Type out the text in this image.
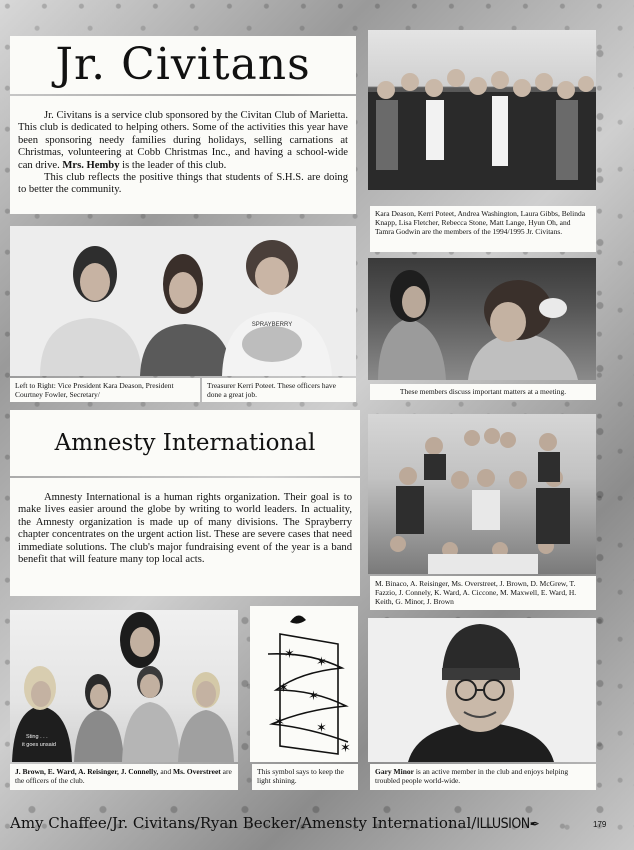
Jr. Civitans

Jr. Civitans is a service club sponsored by the Civitan Club of Marietta. This club is dedicated to helping others. Some of the activities this year have been sponsoring needy families during holidays, selling carnations at Christmas, volunteering at Cobb Christmas Inc., and having a school-wide can drive. Mrs. Hemby is the leader of this club.

This club reflects the positive things that students of S.H.S. are doing to better the community.

Kara Deason, Kerri Poteet, Andrea Washington, Laura Gibbs, Belinda Knapp, Lisa Fletcher, Rebecca Stone, Matt Lange, Hyun Oh, and Tamra Godwin are the members of the 1994/1995 Jr. Civitans.
SPRAYBERRY
Left to Right: Vice President Kara Deason, President Courtney Fowler, Secretary/
Treasurer Kerri Poteet. These officers have done a great job.	These members discuss important matters at a meeting.
Amnesty International

Amnesty International is a human rights organization. Their goal is to make lives easier around the globe by writing to world leaders. In actuality, the Amnesty organization is made up of many divisions. The Sprayberry chapter concentrates on the urgent action list. These are severe cases that need immediate solutions. The club's major fundraising event of the year is a band benefit that will feature many top local acts.

M. Binaco, A. Reisinger, Ms. Overstreet, J. Brown, D. McGrew, T. Fazzio, J. Connely, K. Ward, A. Ciccone, M. Maxwell, E. Ward, H. Keith, G. Minor, J. Brown
Sting . . .
it goes unsaid
J. Brown, E. Ward, A. Reisinger, J. Connelly, and Ms. Overstreet are the officers of the club.
✶
✶
✶
✶
✶ ✶
✶
This symbol says to keep the light shining.
Gary Minor is an active member in the club and enjoys helping troubled people world-wide.
Amy Chaffee/Jr. Civitans/Ryan Becker/Amensty International/ILLUSION✒	179
